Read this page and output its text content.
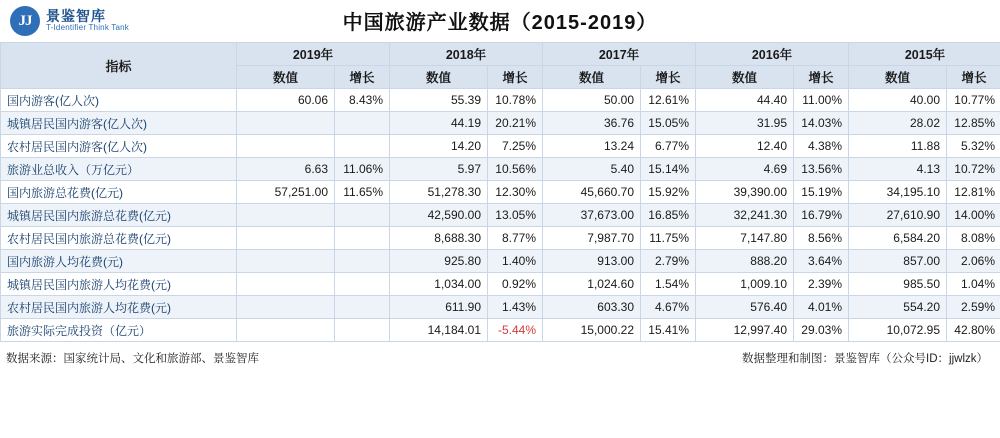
JJ	景鉴智库
T-Identifier Think Tank	中国旅游产业数据（2015-2019）
指标	2019年		2018年		2017年		2016年		2015年	
	数值	增长	数值	增长	数值	增长	数值	增长	数值	增长
国内游客(亿人次)	60.06	8.43%	55.39	10.78%	50.00	12.61%	44.40	11.00%	40.00	10.77%
城镇居民国内游客(亿人次)			44.19	20.21%	36.76	15.05%	31.95	14.03%	28.02	12.85%
农村居民国内游客(亿人次)			14.20	7.25%	13.24	6.77%	12.40	4.38%	11.88	5.32%
旅游业总收入（万亿元）	6.63	11.06%	5.97	10.56%	5.40	15.14%	4.69	13.56%	4.13	10.72%
国内旅游总花费(亿元)	57,251.00	11.65%	51,278.30	12.30%	45,660.70	15.92%	39,390.00	15.19%	34,195.10	12.81%
城镇居民国内旅游总花费(亿元)			42,590.00	13.05%	37,673.00	16.85%	32,241.30	16.79%	27,610.90	14.00%
农村居民国内旅游总花费(亿元)			8,688.30	8.77%	7,987.70	11.75%	7,147.80	8.56%	6,584.20	8.08%
国内旅游人均花费(元)			925.80	1.40%	913.00	2.79%	888.20	3.64%	857.00	2.06%
城镇居民国内旅游人均花费(元)			1,034.00	0.92%	1,024.60	1.54%	1,009.10	2.39%	985.50	1.04%
农村居民国内旅游人均花费(元)			611.90	1.43%	603.30	4.67%	576.40	4.01%	554.20	2.59%
旅游实际完成投资（亿元）			14,184.01	-5.44%	15,000.22	15.41%	12,997.40	29.03%	10,072.95	42.80%
数据来源：国家统计局、文化和旅游部、景鉴智库	数据整理和制图：景鉴智库（公众号ID：jjwlzk）
